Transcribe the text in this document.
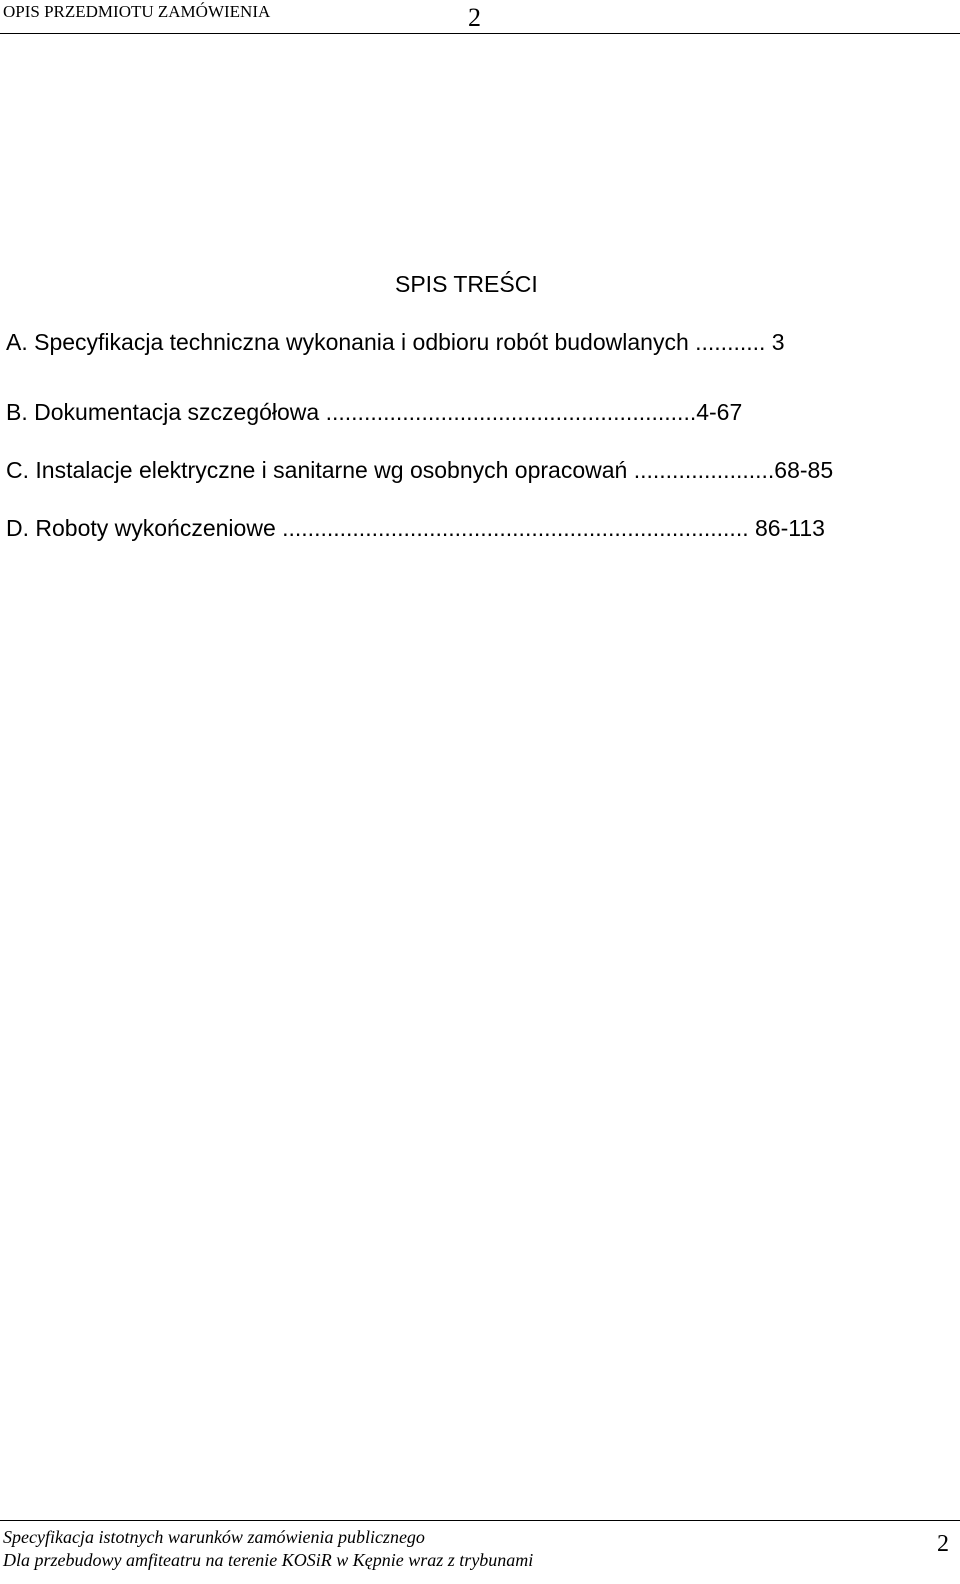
OPIS PRZEDMIOTU ZAMÓWIENIA	2
SPIS TREŚCI
A. Specyfikacja techniczna wykonania i odbioru robót budowlanych ........... 3
B. Dokumentacja szczegółowa ..........................................................4-67
C. Instalacje elektryczne i sanitarne wg osobnych opracowań ......................68-85
D. Roboty wykończeniowe ......................................................................... 86-113
Specyfikacja istotnych warunków zamówienia publicznego
Dla przebudowy amfiteatru na terenie KOSiR w Kępnie wraz z trybunami
2
